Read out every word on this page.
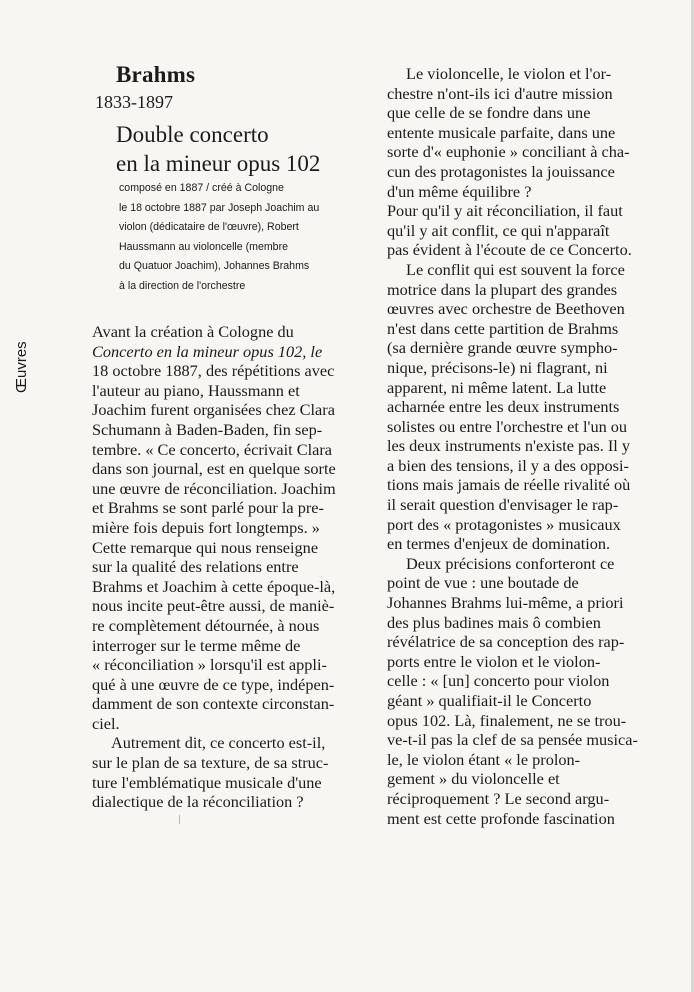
Brahms
1833-1897
Double concerto
en la mineur opus 102
composé en 1887 / créé à Cologne
le 18 octobre 1887 par Joseph Joachim au
violon (dédicataire de l'œuvre), Robert
Haussmann au violoncelle (membre
du Quatuor Joachim), Johannes Brahms
à la direction de l'orchestre
Œuvres
Avant la création à Cologne du
Concerto en la mineur opus 102, le
18 octobre 1887, des répétitions avec
l'auteur au piano, Haussmann et
Joachim furent organisées chez Clara
Schumann à Baden-Baden, fin sep-
tembre. « Ce concerto, écrivait Clara
dans son journal, est en quelque sorte
une œuvre de réconciliation. Joachim
et Brahms se sont parlé pour la pre-
mière fois depuis fort longtemps. »
Cette remarque qui nous renseigne
sur la qualité des relations entre
Brahms et Joachim à cette époque-là,
nous incite peut-être aussi, de maniè-
re complètement détournée, à nous
interroger sur le terme même de
« réconciliation » lorsqu'il est appli-
qué à une œuvre de ce type, indépen-
damment de son contexte circonstan-
ciel.
Autrement dit, ce concerto est-il,
sur le plan de sa texture, de sa struc-
ture l'emblématique musicale d'une
dialectique de la réconciliation ?
Le violoncelle, le violon et l'or-
chestre n'ont-ils ici d'autre mission
que celle de se fondre dans une
entente musicale parfaite, dans une
sorte d'« euphonie » conciliant à cha-
cun des protagonistes la jouissance
d'un même équilibre ?
Pour qu'il y ait réconciliation, il faut
qu'il y ait conflit, ce qui n'apparaît
pas évident à l'écoute de ce Concerto.
Le conflit qui est souvent la force
motrice dans la plupart des grandes
œuvres avec orchestre de Beethoven
n'est dans cette partition de Brahms
(sa dernière grande œuvre sympho-
nique, précisons-le) ni flagrant, ni
apparent, ni même latent. La lutte
acharnée entre les deux instruments
solistes ou entre l'orchestre et l'un ou
les deux instruments n'existe pas. Il y
a bien des tensions, il y a des opposi-
tions mais jamais de réelle rivalité où
il serait question d'envisager le rap-
port des « protagonistes » musicaux
en termes d'enjeux de domination.
Deux précisions conforteront ce
point de vue : une boutade de
Johannes Brahms lui-même, a priori
des plus badines mais ô combien
révélatrice de sa conception des rap-
ports entre le violon et le violon-
celle : « [un] concerto pour violon
géant » qualifiait-il le Concerto
opus 102. Là, finalement, ne se trou-
ve-t-il pas la clef de sa pensée musica-
le, le violon étant « le prolon-
gement » du violoncelle et
réciproquement ? Le second argu-
ment est cette profonde fascination
